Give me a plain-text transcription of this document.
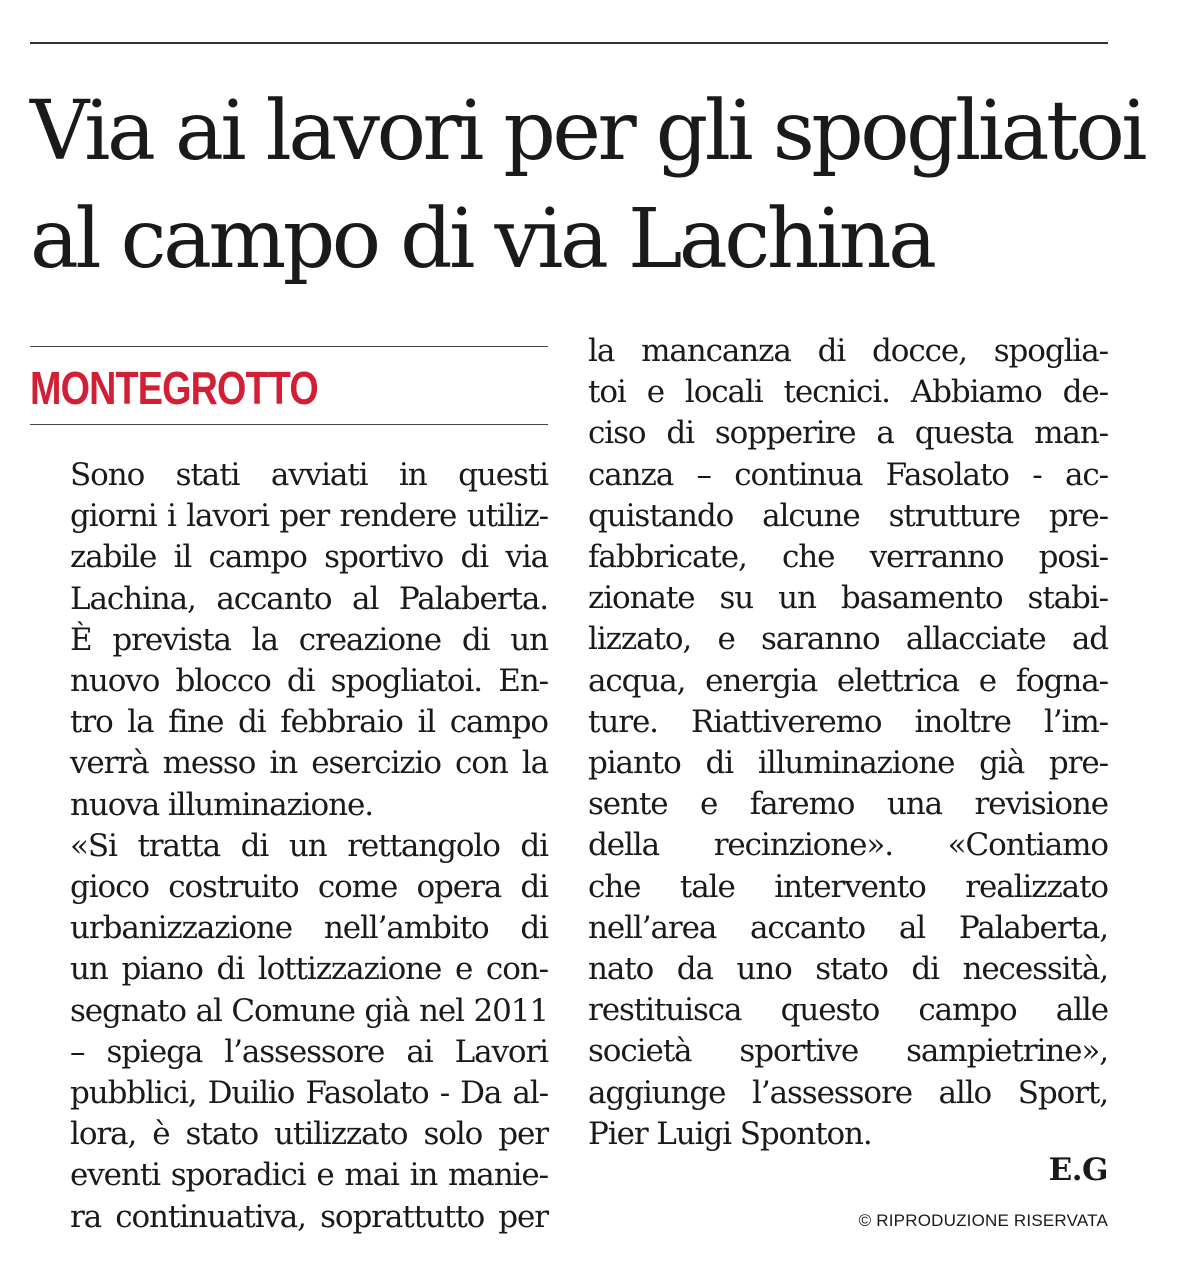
Via ai lavori per gli spogliatoi
al campo di via Lachina
MONTEGROTTO

Sono stati avviati in questi
giorni i lavori per rendere utiliz-
zabile il campo sportivo di via
Lachina, accanto al Palaberta.
È prevista la creazione di un
nuovo blocco di spogliatoi. En-
tro la fine di febbraio il campo
verrà messo in esercizio con la
nuova illuminazione.

«Si tratta di un rettangolo di
gioco costruito come opera di
urbanizzazione nell’ambito di
un piano di lottizzazione e con-
segnato al Comune già nel 2011
– spiega l’assessore ai Lavori
pubblici, Duilio Fasolato - Da al-
lora, è stato utilizzato solo per
eventi sporadici e mai in manie-
ra continuativa, soprattutto per

la mancanza di docce, spoglia-
toi e locali tecnici. Abbiamo de-
ciso di sopperire a questa man-
canza – continua Fasolato - ac-
quistando alcune strutture pre-
fabbricate, che verranno posi-
zionate su un basamento stabi-
lizzato, e saranno allacciate ad
acqua, energia elettrica e fogna-
ture. Riattiveremo inoltre l’im-
pianto di illuminazione già pre-
sente e faremo una revisione
della recinzione». «Contiamo
che tale intervento realizzato
nell’area accanto al Palaberta,
nato da uno stato di necessità,
restituisca questo campo alle
società sportive sampietrine»,
aggiunge l’assessore allo Sport,
Pier Luigi Sponton.

E.G
© RIPRODUZIONE RISERVATA
